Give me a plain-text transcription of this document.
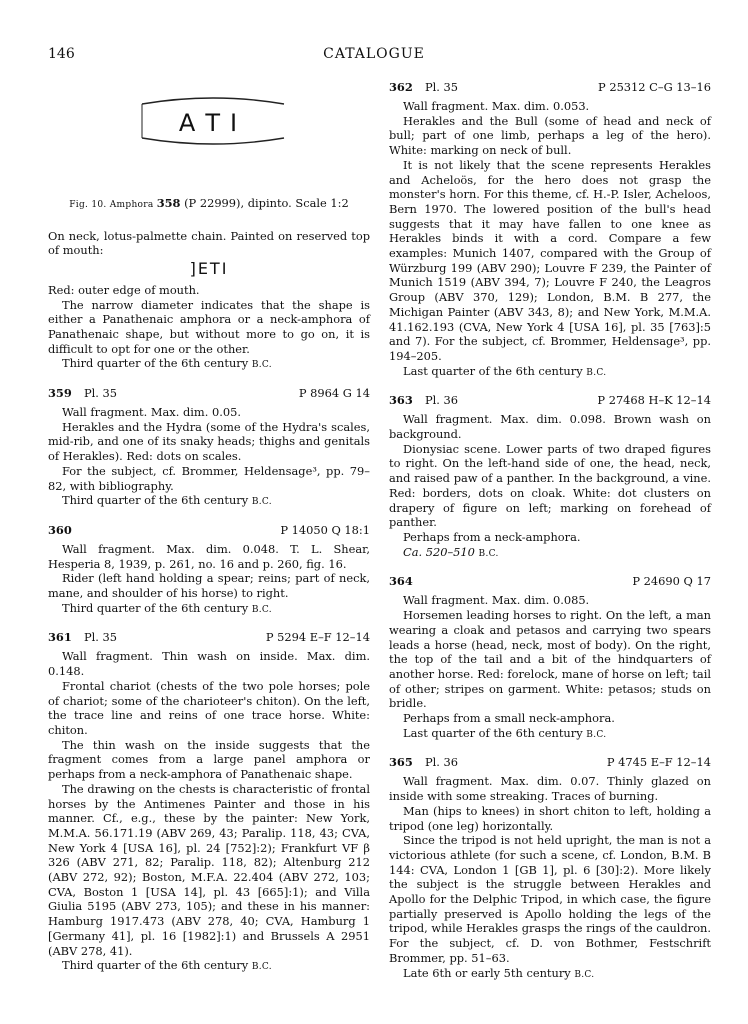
146	CATALOGUE
ΑΤΙ

Fig. 10. Amphora 358 (P 22999), dipinto. Scale 1:2

On neck, lotus-palmette chain. Painted on reserved top of mouth:

]ΕΤΙ

Red: outer edge of mouth.

The narrow diameter indicates that the shape is either a Panathenaic amphora or a neck-amphora of Panathenaic shape, but without more to go on, it is difficult to opt for one or the other.

Third quarter of the 6th century B.C.

359 Pl. 35	P 8964 G 14

Wall fragment. Max. dim. 0.05.

Herakles and the Hydra (some of the Hydra's scales, mid-rib, and one of its snaky heads; thighs and genitals of Herakles). Red: dots on scales.

For the subject, cf. Brommer, Heldensage³, pp. 79–82, with bibliography.

Third quarter of the 6th century B.C.

360	P 14050 Q 18:1

Wall fragment. Max. dim. 0.048. T. L. Shear, Hesperia 8, 1939, p. 261, no. 16 and p. 260, fig. 16.

Rider (left hand holding a spear; reins; part of neck, mane, and shoulder of his horse) to right.

Third quarter of the 6th century B.C.

361 Pl. 35	P 5294 E–F 12–14

Wall fragment. Thin wash on inside. Max. dim. 0.148.

Frontal chariot (chests of the two pole horses; pole of chariot; some of the charioteer's chiton). On the left, the trace line and reins of one trace horse. White: chiton.

The thin wash on the inside suggests that the fragment comes from a large panel amphora or perhaps from a neck-amphora of Panathenaic shape.

The drawing on the chests is characteristic of frontal horses by the Antimenes Painter and those in his manner. Cf., e.g., these by the painter: New York, M.M.A. 56.171.19 (ABV 269, 43; Paralip. 118, 43; CVA, New York 4 [USA 16], pl. 24 [752]:2); Frankfurt VF β 326 (ABV 271, 82; Paralip. 118, 82); Altenburg 212 (ABV 272, 92); Boston, M.F.A. 22.404 (ABV 272, 103; CVA, Boston 1 [USA 14], pl. 43 [665]:1); and Villa Giulia 5195 (ABV 273, 105); and these in his manner: Hamburg 1917.473 (ABV 278, 40; CVA, Hamburg 1 [Germany 41], pl. 16 [1982]:1) and Brussels A 2951 (ABV 278, 41).

Third quarter of the 6th century B.C.

362 Pl. 35	P 25312 C–G 13–16

Wall fragment. Max. dim. 0.053.

Herakles and the Bull (some of head and neck of bull; part of one limb, perhaps a leg of the hero). White: marking on neck of bull.

It is not likely that the scene represents Herakles and Acheloös, for the hero does not grasp the monster's horn. For this theme, cf. H.-P. Isler, Acheloos, Bern 1970. The lowered position of the bull's head suggests that it may have fallen to one knee as Herakles binds it with a cord. Compare a few examples: Munich 1407, compared with the Group of Würzburg 199 (ABV 290); Louvre F 239, the Painter of Munich 1519 (ABV 394, 7); Louvre F 240, the Leagros Group (ABV 370, 129); London, B.M. B 277, the Michigan Painter (ABV 343, 8); and New York, M.M.A. 41.162.193 (CVA, New York 4 [USA 16], pl. 35 [763]:5 and 7). For the subject, cf. Brommer, Heldensage³, pp. 194–205.

Last quarter of the 6th century B.C.

363 Pl. 36	P 27468 H–K 12–14

Wall fragment. Max. dim. 0.098. Brown wash on background.

Dionysiac scene. Lower parts of two draped figures to right. On the left-hand side of one, the head, neck, and raised paw of a panther. In the background, a vine. Red: borders, dots on cloak. White: dot clusters on drapery of figure on left; marking on forehead of panther.

Perhaps from a neck-amphora.

Ca. 520–510 B.C.

364	P 24690 Q 17

Wall fragment. Max. dim. 0.085.

Horsemen leading horses to right. On the left, a man wearing a cloak and petasos and carrying two spears leads a horse (head, neck, most of body). On the right, the top of the tail and a bit of the hindquarters of another horse. Red: forelock, mane of horse on left; tail of other; stripes on garment. White: petasos; studs on bridle.

Perhaps from a small neck-amphora.

Last quarter of the 6th century B.C.

365 Pl. 36	P 4745 E–F 12–14

Wall fragment. Max. dim. 0.07. Thinly glazed on inside with some streaking. Traces of burning.

Man (hips to knees) in short chiton to left, holding a tripod (one leg) horizontally.

Since the tripod is not held upright, the man is not a victorious athlete (for such a scene, cf. London, B.M. B 144: CVA, London 1 [GB 1], pl. 6 [30]:2). More likely the subject is the struggle between Herakles and Apollo for the Delphic Tripod, in which case, the figure partially preserved is Apollo holding the legs of the tripod, while Herakles grasps the rings of the cauldron. For the subject, cf. D. von Bothmer, Festschrift Brommer, pp. 51–63.

Late 6th or early 5th century B.C.
